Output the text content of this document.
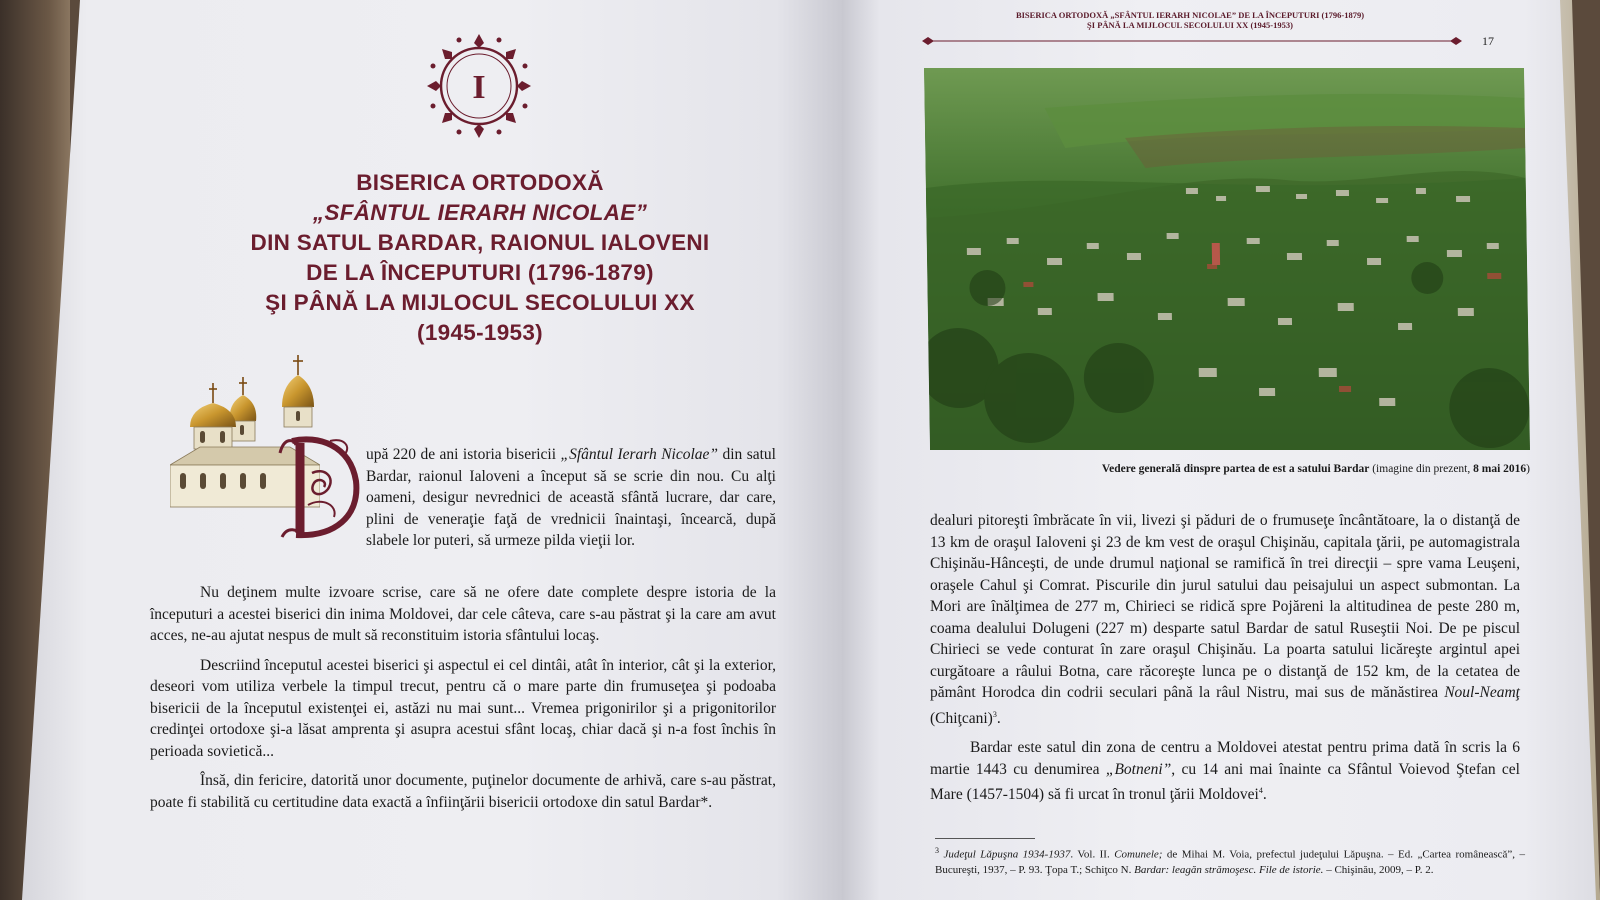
I
BISERICA ORTODOXĂ
„SFÂNTUL IERARH NICOLAE”
DIN SATUL BARDAR, RAIONUL IALOVENI
DE LA ÎNCEPUTURI (1796-1879)
ŞI PÂNĂ LA MIJLOCUL SECOLULUI XX
(1945-1953)
upă 220 de ani istoria bisericii „Sfântul Ierarh Nicolae” din satul Bardar, raionul Ialoveni a început să se scrie din nou. Cu alţi oameni, desigur nevrednici de această sfântă lucrare, dar care, plini de veneraţie faţă de vrednicii înaintaşi, încearcă, după slabele lor puteri, să urmeze pilda vieţii lor.

Nu deţinem multe izvoare scrise, care să ne ofere date complete despre istoria de la începuturi a acestei biserici din inima Moldovei, dar cele câteva, care s-au păstrat şi la care am avut acces, ne-au ajutat nespus de mult să reconstituim istoria sfântului locaş.

Descriind începutul acestei biserici şi aspectul ei cel dintâi, atât în interior, cât şi la exterior, deseori vom utiliza verbele la timpul trecut, pentru că o mare parte din frumuseţea şi podoaba bisericii de la începutul existenţei ei, astăzi nu mai sunt... Vremea prigonirilor şi a prigonitorilor credinţei ortodoxe şi-a lăsat amprenta şi asupra acestui sfânt locaş, chiar dacă şi n-a fost închis în perioada sovietică...

Însă, din fericire, datorită unor documente, puţinelor documente de arhivă, care s-au păstrat, poate fi stabilită cu certitudine data exactă a înfiinţării bisericii ortodoxe din satul Bardar*.

BISERICA ORTODOXĂ „SFÂNTUL IERARH NICOLAE” DE LA ÎNCEPUTURI (1796-1879)
ŞI PÂNĂ LA MIJLOCUL SECOLULUI XX (1945-1953)
17
Vedere generală dinspre partea de est a satului Bardar (imagine din prezent, 8 mai 2016)

dealuri pitoreşti îmbrăcate în vii, livezi şi păduri de o frumuseţe încântătoare, la o distanţă de 13 km de oraşul Ialoveni şi 23 de km vest de oraşul Chişinău, capitala ţării, pe automagistrala Chişinău-Hânceşti, de unde drumul naţional se ramifică în trei direcţii – spre vama Leuşeni, oraşele Cahul şi Comrat. Piscurile din jurul satului dau peisajului un aspect submontan. La Mori are înălţimea de 277 m, Chirieci se ridică spre Pojăreni la altitudinea de peste 280 m, coama dealului Dolugeni (227 m) desparte satul Bardar de satul Ruseştii Noi. De pe piscul Chirieci se vede conturat în zare oraşul Chişinău. La poarta satului licăreşte argintul apei curgătoare a râului Botna, care răcoreşte lunca pe o distanţă de 152 km, de la cetatea de pământ Horodca din codrii seculari până la râul Nistru, mai sus de mănăstirea Noul-Neamţ (Chiţcani)$^3$.

Bardar este satul din zona de centru a Moldovei atestat pentru prima dată în scris la 6 martie 1443 cu denumirea „Botneni”, cu 14 ani mai înainte ca Sfântul Voievod Ştefan cel Mare (1457-1504) să fi urcat în tronul ţării Moldovei$^4$.

$^3$ Judeţul Lăpuşna 1934-1937. Vol. II. Comunele; de Mihai M. Voia, prefectul judeţului Lăpuşna. – Ed. „Cartea românească”, – Bucureşti, 1937, – P. 93. Ţopa T.; Schiţco N. Bardar: leagăn strămoşesc. File de istorie. – Chişinău, 2009, – P. 2.
